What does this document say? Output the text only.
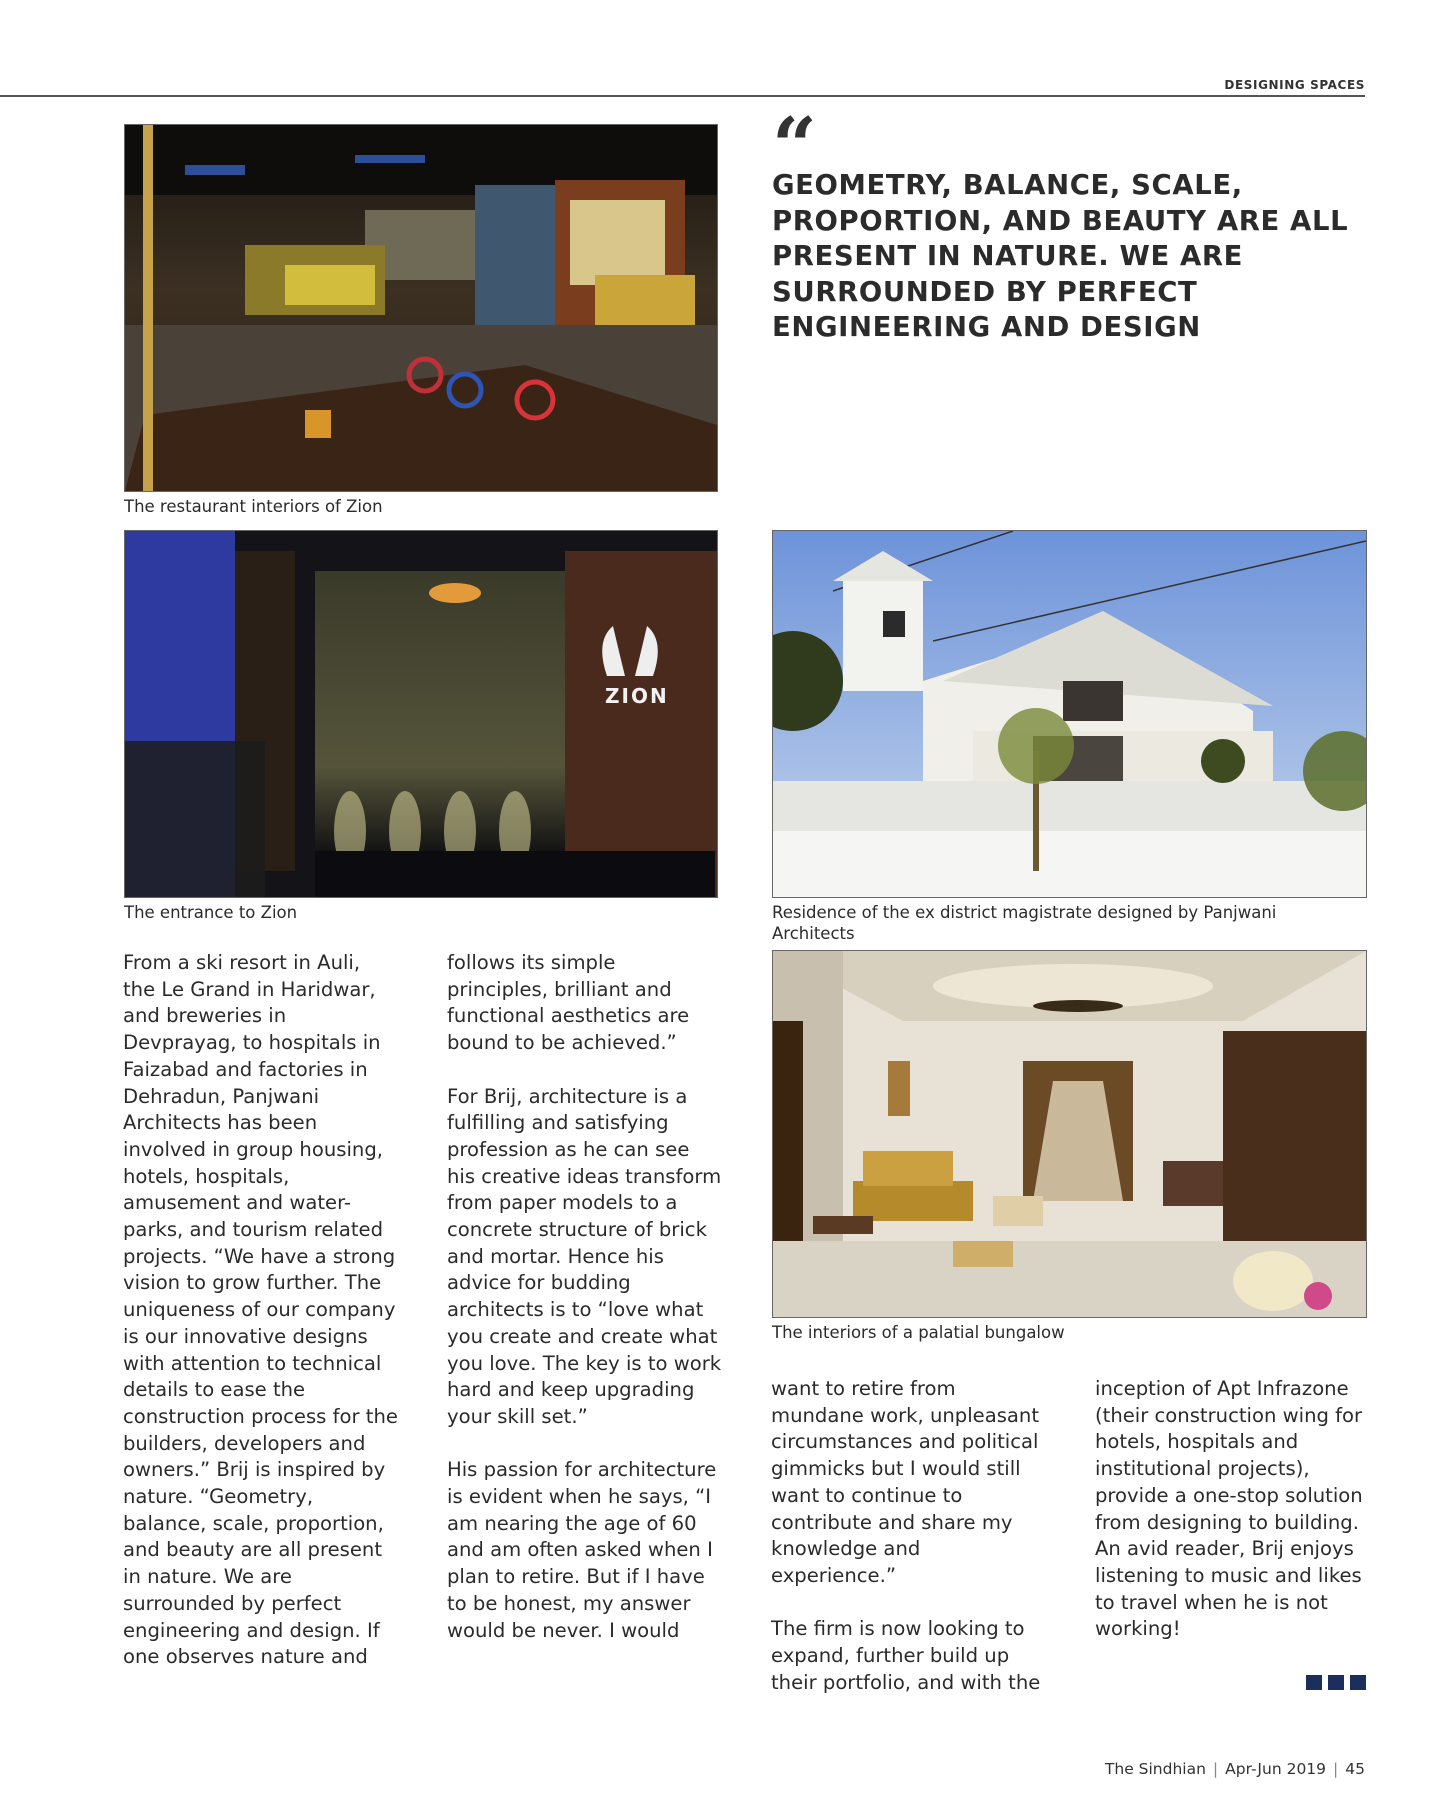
DESIGNING SPACES
The restaurant interiors of Zion
“

GEOMETRY, BALANCE, SCALE, PROPORTION, AND BEAUTY ARE ALL PRESENT IN NATURE. WE ARE SURROUNDED BY PERFECT ENGINEERING AND DESIGN

ZION
The entrance to Zion	Residence of the ex district magistrate designed by Panjwani Architects
The interiors of a palatial bungalow

From a ski resort in Auli, the Le Grand in Haridwar, and breweries in Devprayag, to hospitals in Faizabad and factories in Dehradun, Panjwani Architects has been involved in group housing, hotels, hospitals, amusement and water-parks, and tourism related projects. “We have a strong vision to grow further. The uniqueness of our company is our innovative designs with attention to technical details to ease the construction process for the builders, developers and owners.” Brij is inspired by nature. “Geometry, balance, scale, proportion, and beauty are all present in nature. We are surrounded by perfect engineering and design. If one observes nature and

follows its simple principles, brilliant and functional aesthetics are bound to be achieved.”

For Brij, architecture is a fulfilling and satisfying profession as he can see his creative ideas transform from paper models to a concrete structure of brick and mortar. Hence his advice for budding architects is to “love what you create and create what you love. The key is to work hard and keep upgrading your skill set.”

His passion for architecture is evident when he says, “I am nearing the age of 60 and am often asked when I plan to retire. But if I have to be honest, my answer would be never. I would

want to retire from mundane work, unpleasant circumstances and political gimmicks but I would still want to continue to contribute and share my knowledge and experience.”

The firm is now looking to expand, further build up their portfolio, and with the

inception of Apt Infrazone (their construction wing for hotels, hospitals and institutional projects), provide a one-stop solution from designing to building. An avid reader, Brij enjoys listening to music and likes to travel when he is not working!

The Sindhian | Apr-Jun 2019 | 45
